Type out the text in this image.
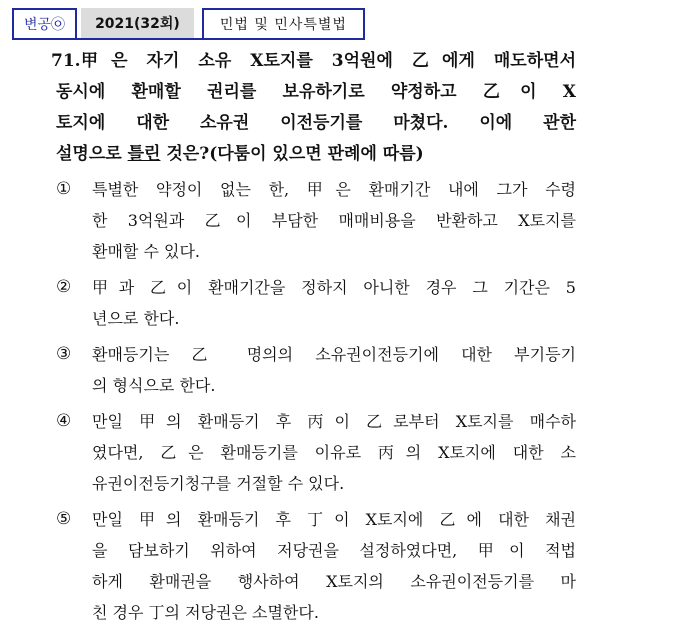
변공㉧	2021(32회)	민법 및 민사특별법
71. 甲은 자기 소유 X토지를 3억원에 乙에게 매도하면서
동시에 환매할 권리를 보유하기로 약정하고 乙이 X
토지에 대한 소유권 이전등기를 마쳤다. 이에 관한
설명으로 틀린 것은?(다툼이 있으면 판례에 따름)
① 특별한 약정이 없는 한, 甲은 환매기간 내에 그가 수령
한 3억원과 乙이 부담한 매매비용을 반환하고 X토지를
환매할 수 있다.
② 甲과 乙이 환매기간을 정하지 아니한 경우 그 기간은 5
년으로 한다.
③ 환매등기는 乙 명의의 소유권이전등기에 대한 부기등기
의 형식으로 한다.
④ 만일 甲의 환매등기 후 丙이 乙로부터 X토지를 매수하
였다면, 乙은 환매등기를 이유로 丙의 X토지에 대한 소
유권이전등기청구를 거절할 수 있다.
⑤ 만일 甲의 환매등기 후 丁이 X토지에 乙에 대한 채권
을 담보하기 위하여 저당권을 설정하였다면, 甲이 적법
하게 환매권을 행사하여 X토지의 소유권이전등기를 마
친 경우 丁의 저당권은 소멸한다.
